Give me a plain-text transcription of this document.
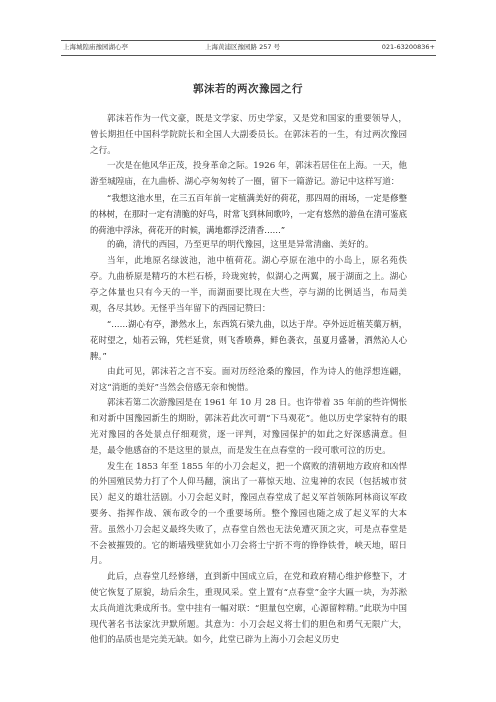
上海城隍庙豫园湖心亭	上海黄浦区豫园路 257 号	021-63200836+
郭沫若的两次豫园之行

郭沫若作为一代文豪，既是文学家、历史学家，又是党和国家的重要领导人，曾长期担任中国科学院院长和全国人大副委员长。在郭沫若的一生，有过两次豫园之行。

一次是在他风华正茂，投身革命之际。1926 年，郭沫若居住在上海。一天，他游至城隍庙，在九曲桥、湖心亭匆匆转了一圈，留下一篇游记。游记中这样写道：

“我想这池水里，在三五百年前一定植满美好的荷花，那四周的雨场，一定是修整的林树，在那时一定有清脆的好鸟，时常飞到林间歌吟，一定有悠然的游鱼在清可鉴底的荷池中浮泳，荷花开的时候，满地都浮泛清香……”

的确，清代的西园，乃至更早的明代豫园，这里是异常清幽、美好的。

当年，此地原名绿波池，池中植荷花。湖心亭原在池中的小岛上，原名苑佚亭。九曲桥原是精巧的木栏石桥，玲珑宛转，似湖心之两翼，展于湖面之上。湖心亭之体量也只有今天的一半，而湖面要比现在大些，亭与湖的比例适当，布局美观，各尽其妙。无怪乎当年留下的西园记赞曰：

“……湖心有亭，渺然水上，东西筑石梁九曲，以达于岸。亭外远近植芙蕖万柄，花时望之，灿若云锦，凭栏延赏，则飞香喷鼻，鲜色袭衣，虽夏月盛暑，洒然沁人心脾。”

由此可见，郭沫若之言不妄。面对历经沧桑的豫园，作为诗人的他浮想连翩，对这“消逝的美好”当然会倍感无奈和惋惜。

郭沫若第二次游豫园是在 1961 年 10 月 28 日。也许带着 35 年前的些许惆怅和对新中国豫园新生的期盼，郭沫若此次可谓“下马观花”。他以历史学家特有的眼光对豫园的各处景点仔细观赏，逐一评判，对豫园保护的如此之好深感满意。但是，最令他感奋的不是这里的景点，而是发生在点春堂的一段可歌可泣的历史。

发生在 1853 年至 1855 年的小刀会起义，把一个腐败的清朝地方政府和凶悍的外国殖民势力打了个人仰马翻，演出了一幕惊天地、泣鬼神的农民（包括城市贫民）起义的雄壮活剧。小刀会起义时，豫园点春堂成了起义军首领陈阿林商议军政要务、指挥作战、颁布政令的一个重要场所。整个豫园也随之成了起义军的大本营。虽然小刀会起义最终失败了，点春堂自然也无法免遭灭顶之灾，可是点春堂是不会被摧毁的。它的断墙残壁犹如小刀会将士宁折不弯的铮铮铁骨，峡天地，昭日月。

此后，点春堂几经修缮，直到新中国成立后，在党和政府精心维护修整下，才使它恢复了原貌，劫后余生，重现风采。堂上置有“点春堂”金字大匾一块，为苏淞太兵尚道沈秉成所书。堂中挂有一幅对联：“胆量包空廓，心源留粹精。”此联为中国现代著名书法家沈尹默所题。其意为：小刀会起义将士们的胆色和勇气无限广大，他们的品质也是完美无缺。如今，此堂已辟为上海小刀会起义历史
